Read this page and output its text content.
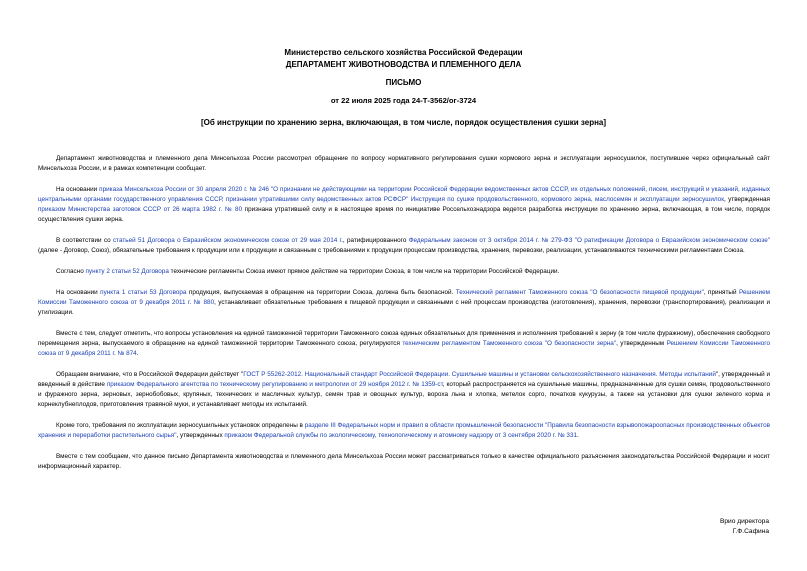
Министерство сельского хозяйства Российской Федерации
ДЕПАРТАМЕНТ ЖИВОТНОВОДСТВА И ПЛЕМЕННОГО ДЕЛА
ПИСЬМО
от 22 июля 2025 года 24-Т-3562/ог-3724
[Об инструкции по хранению зерна, включающая, в том числе, порядок осуществления сушки зерна]

Департамент животноводства и племенного дела Минсельхоза России рассмотрел обращение по вопросу нормативного регулирования сушки кормового зерна и эксплуатации зерносушилок, поступившее через официальный сайт Минсельхоза России, и в рамках компетенции сообщает.

На основании приказа Минсельхоза России от 30 апреля 2020 г. № 246 "О признании не действующими на территории Российской Федерации ведомственных актов СССР, их отдельных положений, писем, инструкций и указаний, изданных центральными органами государственного управления СССР, признании утратившими силу ведомственных актов РСФСР" Инструкция по сушке продовольственного, кормового зерна, маслосемян и эксплуатации зерносушилок, утвержденная приказом Министерства заготовок СССР от 26 марта 1982 г. № 80 признана утратившей силу и в настоящее время по инициативе Россельхознадзора ведется разработка инструкции по хранению зерна, включающая, в том числе, порядок осуществления сушки зерна.

В соответствии со статьей 51 Договора о Евразийском экономическом союзе от 29 мая 2014 г., ратифицированного Федеральным законом от 3 октября 2014 г. № 279-ФЗ "О ратификации Договора о Евразийском экономическом союзе" (далее - Договор, Союз), обязательные требования к продукции или к продукции и связанным с требованиями к продукции процессам производства, хранения, перевозки, реализации, устанавливаются техническими регламентами Союза.

Согласно пункту 2 статьи 52 Договора технические регламенты Союза имеют прямое действие на территории Союза, в том числе на территории Российской Федерации.

На основании пункта 1 статьи 53 Договора продукция, выпускаемая в обращение на территории Союза, должна быть безопасной. Технический регламент Таможенного союза "О безопасности пищевой продукции", принятый Решением Комиссии Таможенного союза от 9 декабря 2011 г. № 880, устанавливает обязательные требования к пищевой продукции и связанными с ней процессам производства (изготовления), хранения, перевозки (транспортирования), реализации и утилизации.

Вместе с тем, следует отметить, что вопросы установления на единой таможенной территории Таможенного союза единых обязательных для применения и исполнения требований к зерну (в том числе фуражному), обеспечения свободного перемещения зерна, выпускаемого в обращение на единой таможенной территории Таможенного союза, регулируются техническим регламентом Таможенного союза "О безопасности зерна", утвержденным Решением Комиссии Таможенного союза от 9 декабря 2011 г. № 874.

Обращаем внимание, что в Российской Федерации действует "ГОСТ Р 55262-2012. Национальный стандарт Российской Федерации. Сушильные машины и установки сельскохозяйственного назначения. Методы испытаний", утвержденный и введенный в действие приказом Федерального агентства по техническому регулированию и метрологии от 29 ноября 2012 г. № 1359-ст, который распространяется на сушильные машины, предназначенные для сушки семян, продовольственного и фуражного зерна, зерновых, зернобобовых, крупяных, технических и масличных культур, семян трав и овощных культур, ворохa льна и хлопка, метелок сорго, початков кукурузы, а также на установки для сушки зеленого корма и корнеклубнеплодов, приготовления травяной муки, и устанавливает методы их испытаний.

Кроме того, требования по эксплуатации зерносушильных установок определены в разделе III Федеральных норм и правил в области промышленной безопасности "Правила безопасности взрывопожароопасных производственных объектов хранения и переработки растительного сырья", утвержденных приказом Федеральной службы по экологическому, технологическому и атомному надзору от 3 сентября 2020 г. № 331.

Вместе с тем сообщаем, что данное письмо Департамента животноводства и племенного дела Минсельхоза России может рассматриваться только в качестве официального разъяснения законодательства Российской Федерации и носит информационный характер.

Врио директора
Г.Ф.Сафина
